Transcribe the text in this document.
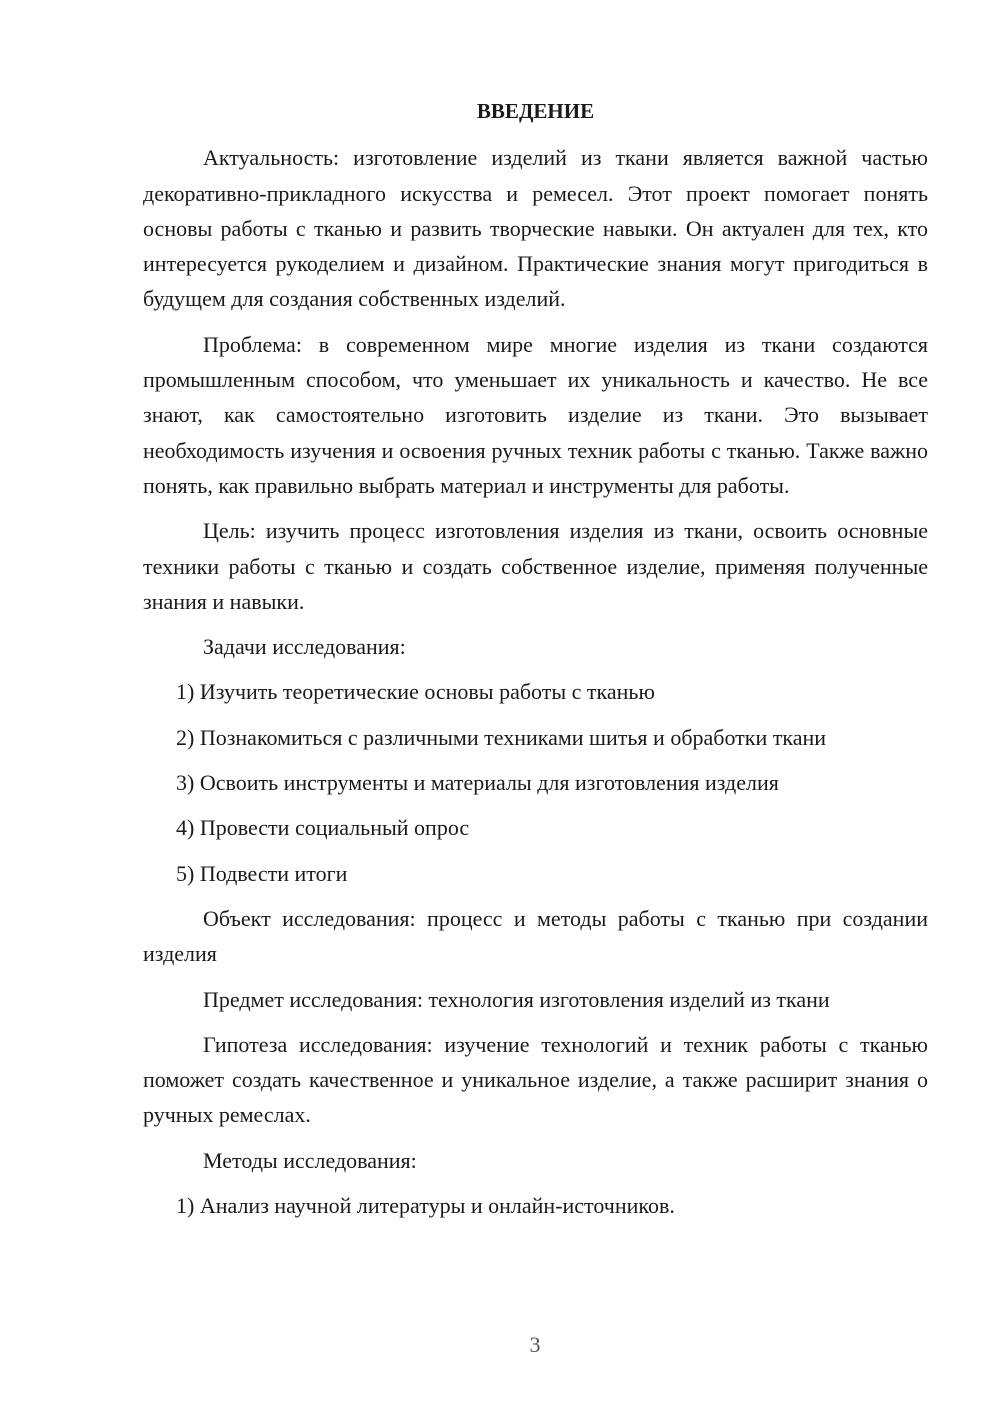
ВВЕДЕНИЕ

Актуальность: изготовление изделий из ткани является важной частью декоративно-прикладного искусства и ремесел. Этот проект помогает понять основы работы с тканью и развить творческие навыки. Он актуален для тех, кто интересуется рукоделием и дизайном. Практические знания могут пригодиться в будущем для создания собственных изделий.

Проблема: в современном мире многие изделия из ткани создаются промышленным способом, что уменьшает их уникальность и качество. Не все знают, как самостоятельно изготовить изделие из ткани. Это вызывает необходимость изучения и освоения ручных техник работы с тканью. Также важно понять, как правильно выбрать материал и инструменты для работы.

Цель: изучить процесс изготовления изделия из ткани, освоить основные техники работы с тканью и создать собственное изделие, применяя полученные знания и навыки.

Задачи исследования:
1) Изучить теоретические основы работы с тканью
2) Познакомиться с различными техниками шитья и обработки ткани
3) Освоить инструменты и материалы для изготовления изделия
4) Провести социальный опрос
5) Подвести итоги

Объект исследования: процесс и методы работы с тканью при создании изделия

Предмет исследования: технология изготовления изделий из ткани

Гипотеза исследования: изучение технологий и техник работы с тканью поможет создать качественное и уникальное изделие, а также расширит знания о ручных ремеслах.

Методы исследования:
1) Анализ научной литературы и онлайн-источников.
3
